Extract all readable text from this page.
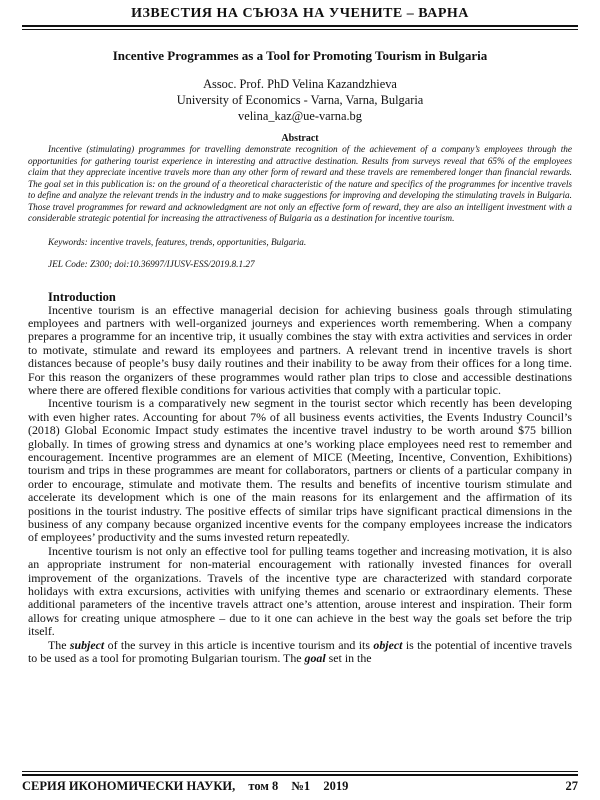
ИЗВЕСТИЯ НА СЪЮЗА НА УЧЕНИТЕ – ВАРНА
Incentive Programmes as a Tool for Promoting Tourism in Bulgaria
Assoc. Prof. PhD Velina Kazandzhieva
University of Economics - Varna, Varna, Bulgaria
velina_kaz@ue-varna.bg
Abstract

Incentive (stimulating) programmes for travelling demonstrate recognition of the achievement of a company’s employees through the opportunities for gathering tourist experience in interesting and attractive destination. Results from surveys reveal that 65% of the employees claim that they appreciate incentive travels more than any other form of reward and these travels are remembered longer than financial rewards. The goal set in this publication is: on the ground of a theoretical characteristic of the nature and specifics of the programmes for incentive travels to define and analyze the relevant trends in the industry and to make suggestions for improving and developing the stimulating travels in Bulgaria. Those travel programmes for reward and acknowledgment are not only an effective form of reward, they are also an intelligent investment with a considerable strategic potential for increasing the attractiveness of Bulgaria as a destination for incentive tourism.

Keywords: incentive travels, features, trends, opportunities, Bulgaria.

JEL Code: Z300; doi:10.36997/IJUSV-ESS/2019.8.1.27

Introduction

Incentive tourism is an effective managerial decision for achieving business goals through stimulating employees and partners with well-organized journeys and experiences worth remembering. When a company prepares a programme for an incentive trip, it usually combines the stay with extra activities and services in order to motivate, stimulate and reward its employees and partners. A relevant trend in incentive travels is short distances because of people’s busy daily routines and their inability to be away from their offices for a long time. For this reason the organizers of these programmes would rather plan trips to close and accessible destinations where there are offered flexible conditions for various activities that comply with a particular topic.

Incentive tourism is a comparatively new segment in the tourist sector which recently has been developing with even higher rates. Accounting for about 7% of all business events activities, the Events Industry Council’s (2018) Global Economic Impact study estimates the incentive travel industry to be worth around $75 billion globally. In times of growing stress and dynamics at one’s working place employees need rest to remember and encouragement. Incentive programmes are an element of MICE (Meeting, Incentive, Convention, Exhibitions) tourism and trips in these programmes are meant for collaborators, partners or clients of a particular company in order to encourage, stimulate and motivate them. The results and benefits of incentive tourism stimulate and accelerate its development which is one of the main reasons for its enlargement and the affirmation of its positions in the tourist industry. The positive effects of similar trips have significant practical dimensions in the business of any company because organized incentive events for the company employees increase the indicators of employees’ productivity and the sums invested return repeatedly.

Incentive tourism is not only an effective tool for pulling teams together and increasing motivation, it is also an appropriate instrument for non-material encouragement with rationally invested finances for overall improvement of the organizations. Travels of the incentive type are characterized with standard corporate holidays with extra excursions, activities with unifying themes and scenario or extraordinary elements. These additional parameters of the incentive travels attract one’s attention, arouse interest and inspiration. Their form allows for creating unique atmosphere – due to it one can achieve in the best way the goals set before the trip itself.

The subject of the survey in this article is incentive tourism and its object is the potential of incentive travels to be used as a tool for promoting Bulgarian tourism. The goal set in the

СЕРИЯ ИКОНОМИЧЕСКИ НАУКИ, том 8 №1 2019	27
